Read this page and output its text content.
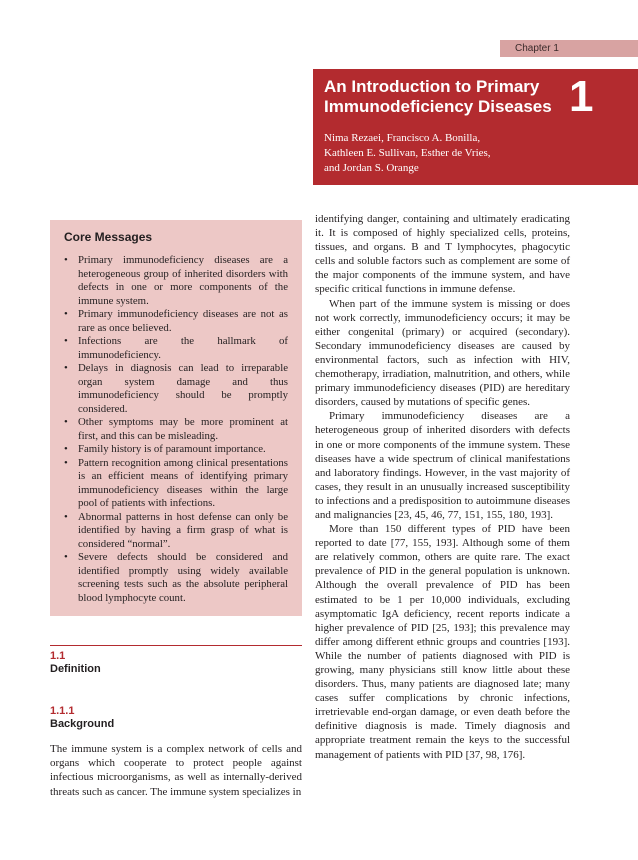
Chapter 1
An Introduction to Primary Immunodeficiency Diseases 1
Nima Rezaei, Francisco A. Bonilla,
Kathleen E. Sullivan, Esther de Vries,
and Jordan S. Orange
Core Messages
• Primary immunodeficiency diseases are a heterogeneous group of inherited disorders with defects in one or more components of the immune system.
• Primary immunodeficiency diseases are not as rare as once believed.
• Infections are the hallmark of immunodeficiency.
• Delays in diagnosis can lead to irreparable organ system damage and thus immunodeficiency should be promptly considered.
• Other symptoms may be more prominent at first, and this can be misleading.
• Family history is of paramount importance.
• Pattern recognition among clinical presentations is an efficient means of identifying primary immunodeficiency diseases within the large pool of patients with infections.
• Abnormal patterns in host defense can only be identified by having a firm grasp of what is considered “normal”.
• Severe defects should be considered and identified promptly using widely available screening tests such as the absolute peripheral blood lymphocyte count.
1.1
Definition
1.1.1
Background
The immune system is a complex network of cells and organs which cooperate to protect people against infectious microorganisms, as well as internally-derived threats such as cancer. The immune system specializes in

identifying danger, containing and ultimately eradicating it. It is composed of highly specialized cells, proteins, tissues, and organs. B and T lymphocytes, phagocytic cells and soluble factors such as complement are some of the major components of the immune system, and have specific critical functions in immune defense.

When part of the immune system is missing or does not work correctly, immunodeficiency occurs; it may be either congenital (primary) or acquired (secondary). Secondary immunodeficiency diseases are caused by environmental factors, such as infection with HIV, chemotherapy, irradiation, malnutrition, and others, while primary immunodeficiency diseases (PID) are hereditary disorders, caused by mutations of specific genes.

Primary immunodeficiency diseases are a heterogeneous group of inherited disorders with defects in one or more components of the immune system. These diseases have a wide spectrum of clinical manifestations and laboratory findings. However, in the vast majority of cases, they result in an unusually increased susceptibility to infections and a predisposition to autoimmune diseases and malignancies [23, 45, 46, 77, 151, 155, 180, 193].

More than 150 different types of PID have been reported to date [77, 155, 193]. Although some of them are relatively common, others are quite rare. The exact prevalence of PID in the general population is unknown. Although the overall prevalence of PID has been estimated to be 1 per 10,000 individuals, excluding asymptomatic IgA deficiency, recent reports indicate a higher prevalence of PID [25, 193]; this prevalence may differ among different ethnic groups and countries [193]. While the number of patients diagnosed with PID is growing, many physicians still know little about these disorders. Thus, many patients are diagnosed late; many cases suffer complications by chronic infections, irretrievable end-organ damage, or even death before the definitive diagnosis is made. Timely diagnosis and appropriate treatment remain the keys to the successful management of patients with PID [37, 98, 176].
